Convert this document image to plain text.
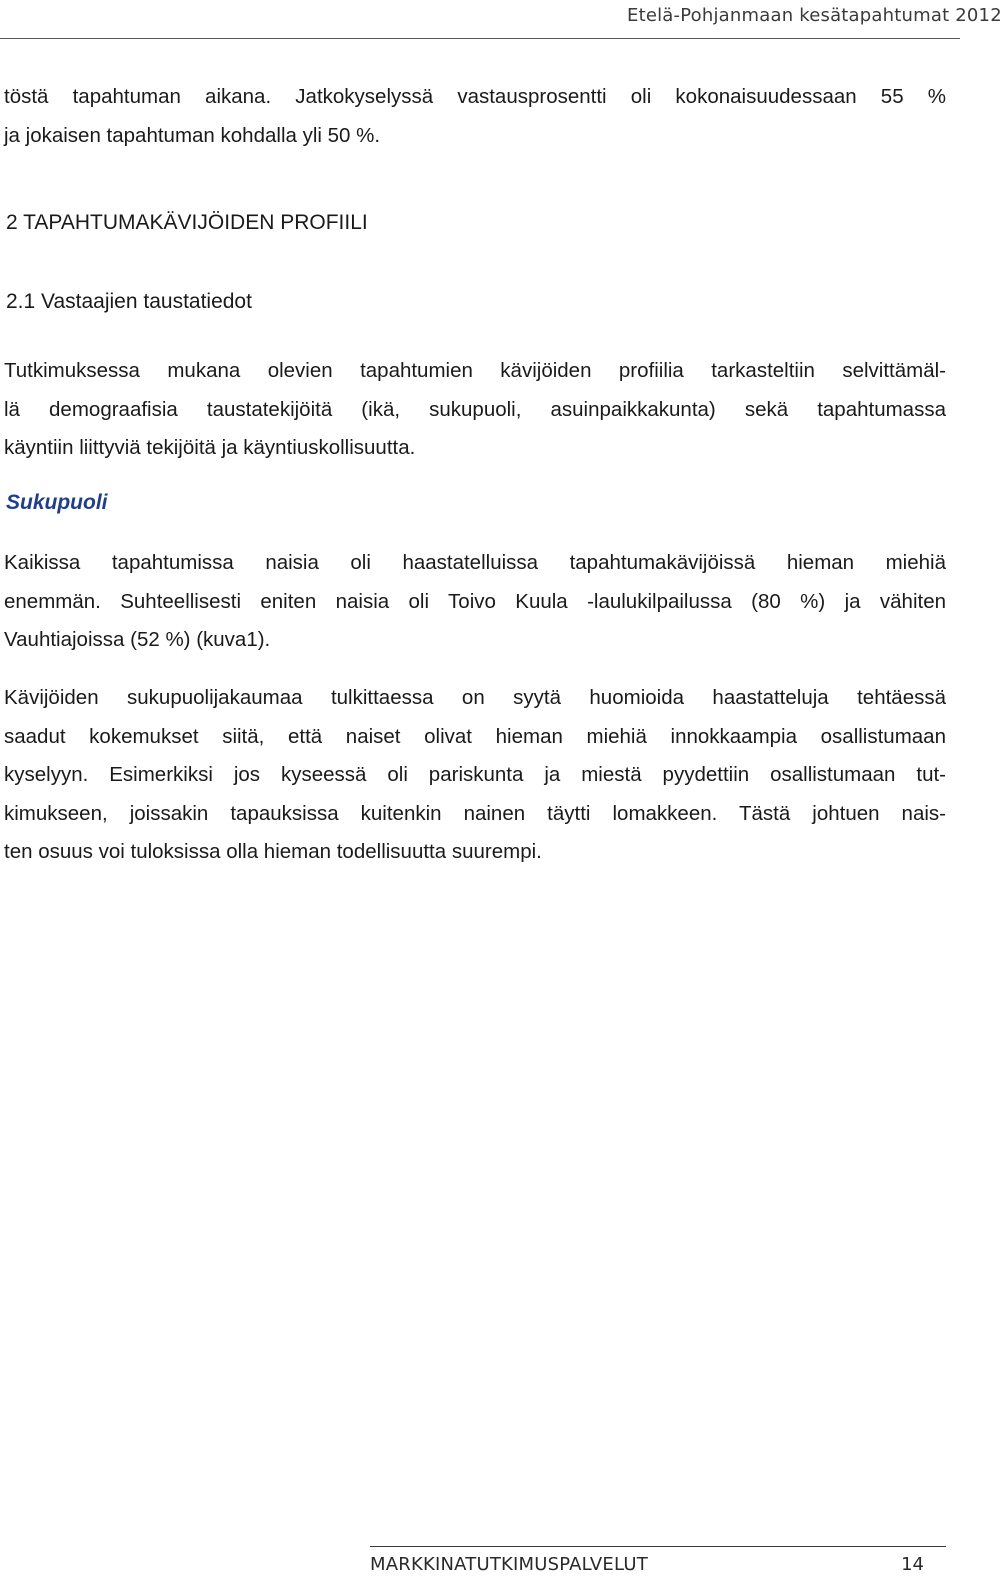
Etelä-Pohjanmaan kesätapahtumat 2012
töstä tapahtuman aikana. Jatkokyselyssä vastausprosentti oli kokonaisuudessaan 55 %
ja jokaisen tapahtuman kohdalla yli 50 %.
2 TAPAHTUMAKÄVIJÖIDEN PROFIILI
2.1 Vastaajien taustatiedot
Tutkimuksessa mukana olevien tapahtumien kävijöiden profiilia tarkasteltiin selvittämäl-
lä demograafisia taustatekijöitä (ikä, sukupuoli, asuinpaikkakunta) sekä tapahtumassa
käyntiin liittyviä tekijöitä ja käyntiuskollisuutta.
Sukupuoli
Kaikissa tapahtumissa naisia oli haastatelluissa tapahtumakävijöissä hieman miehiä
enemmän. Suhteellisesti eniten naisia oli Toivo Kuula -laulukilpailussa (80 %) ja vähiten
Vauhtiajoissa (52 %) (kuva1).
Kävijöiden sukupuolijakaumaa tulkittaessa on syytä huomioida haastatteluja tehtäessä
saadut kokemukset siitä, että naiset olivat hieman miehiä innokkaampia osallistumaan
kyselyyn. Esimerkiksi jos kyseessä oli pariskunta ja miestä pyydettiin osallistumaan tut-
kimukseen, joissakin tapauksissa kuitenkin nainen täytti lomakkeen. Tästä johtuen nais-
ten osuus voi tuloksissa olla hieman todellisuutta suurempi.
MARKKINATUTKIMUSPALVELUT	14
